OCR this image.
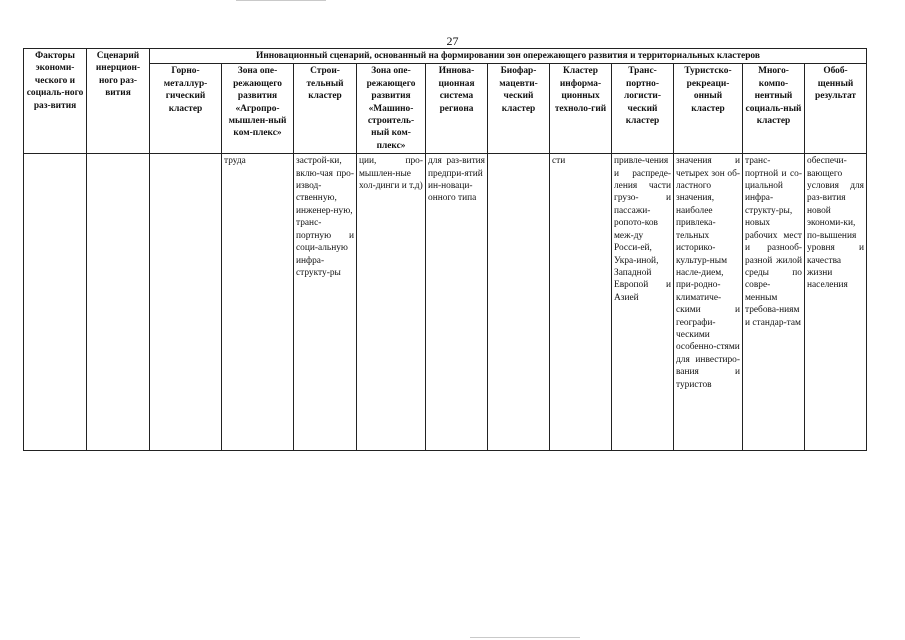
27
Факторы экономи-ческого и социаль-ного раз-вития	Сценарий инерцион-ного раз-вития	Инновационный сценарий, основанный на формировании зон опережающего развития и территориальных кластеров										
		Горно-металлур-гический кластер	Зона опе-режающего развития «Агропро-мышлен-ный ком-плекс»	Строи-тельный кластер	Зона опе-режающего развития «Машино-строитель-ный ком-плекс»	Иннова-ционная система региона	Биофар-мацевти-ческий кластер	Кластер информа-ционных техноло-гий	Транс-портно-логисти-ческий кластер	Туристско-рекреаци-онный кластер	Много-компо-нентный социаль-ный кластер	Обоб-щенный результат
			труда	застрой-ки, вклю-чая про-извод-ственную, инженер-ную, транс-портную и соци-альную инфра-структу-ры	ции, про-мышлен-ные хол-динги и т.д)	для раз-вития предпри-ятий ин-новаци-онного типа		сти	привле-чения и распреде-ления части грузо- и пассажи-ропото-ков меж-ду Росси-ей, Укра-иной, Западной Европой и Азией	значения и четырех зон об-ластного значения, наиболее привлека-тельных историко-культур-ным насле-дием, при-родно-климатиче-скими и географи-ческими особенно-стями для инвестиро-вания и туристов	транс-портной и со-циальной инфра-структу-ры, новых рабочих мест и разнооб-разной жилой среды по совре-менным требова-ниям и стандар-там	обеспечи-вающего условия для раз-вития новой экономи-ки, по-вышения уровня и качества жизни населения
